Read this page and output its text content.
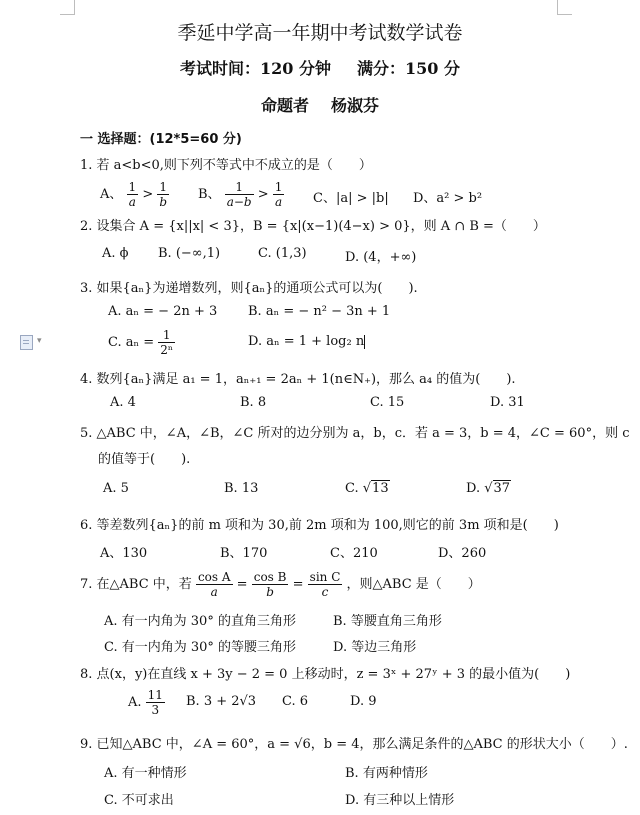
季延中学高一年期中考试数学试卷
考试时间：120 分钟 满分：150 分
命题者 杨淑芬
一 选择题：(12*5=60 分)
1. 若 a<b<0,则下列不等式中不成立的是（　　）
A、 $\frac{1}{a} > \frac{1}{b}$ B、 $\frac{1}{a-b} > \frac{1}{a}$ C、|a| > |b| D、a² > b²
2. 设集合 A = {x||x| < 3}，B = {x|(x−1)(4−x) > 0}，则 A ∩ B =（　　）
A. ϕ B. (−∞,1)	C. (1,3)	D. (4，+∞)
3. 如果{aₙ}为递增数列，则{aₙ}的通项公式可以为(　　).
A. aₙ = − 2n + 3 B. aₙ = − n² − 3n + 1
C. $a_n = \frac{1}{\text{2ⁿ}}$	D. aₙ = 1 + log₂ n
▾
4. 数列{aₙ}满足 a₁ = 1，aₙ₊₁ = 2aₙ + 1(n∈N₊)，那么 a₄ 的值为(　　).
A. 4	B. 8	C. 15	D. 31
5. △ABC 中，∠A，∠B，∠C 所对的边分别为 a，b，c．若 a = 3，b = 4，∠C = 60°，则 c
的值等于(　　).
A. 5	B. 13	C. √13	D. √37
6. 等差数列{aₙ}的前 m 项和为 30,前 2m 项和为 100,则它的前 3m 项和是(　　)
A、130	B、170	C、210	D、260
7. 在△ABC 中，若 $\frac{\text{cos A}}{a} = \frac{\text{cos B}}{b} = \frac{\text{sin C}}{c}$ ，则△ABC 是（　　）
A. 有一内角为 30° 的直角三角形	B. 等腰直角三角形
C. 有一内角为 30° 的等腰三角形	D. 等边三角形
8. 点(x，y)在直线 x + 3y − 2 = 0 上移动时，z = 3ˣ + 27ʸ + 3 的最小值为(　　)
A. $\frac{11}{3} B$. 3 + 2√3 C. 6	D. 9
9. 已知△ABC 中，∠A = 60°，a = √6，b = 4，那么满足条件的△ABC 的形状大小（　　）.
A. 有一种情形	B. 有两种情形
C. 不可求出	D. 有三种以上情形
